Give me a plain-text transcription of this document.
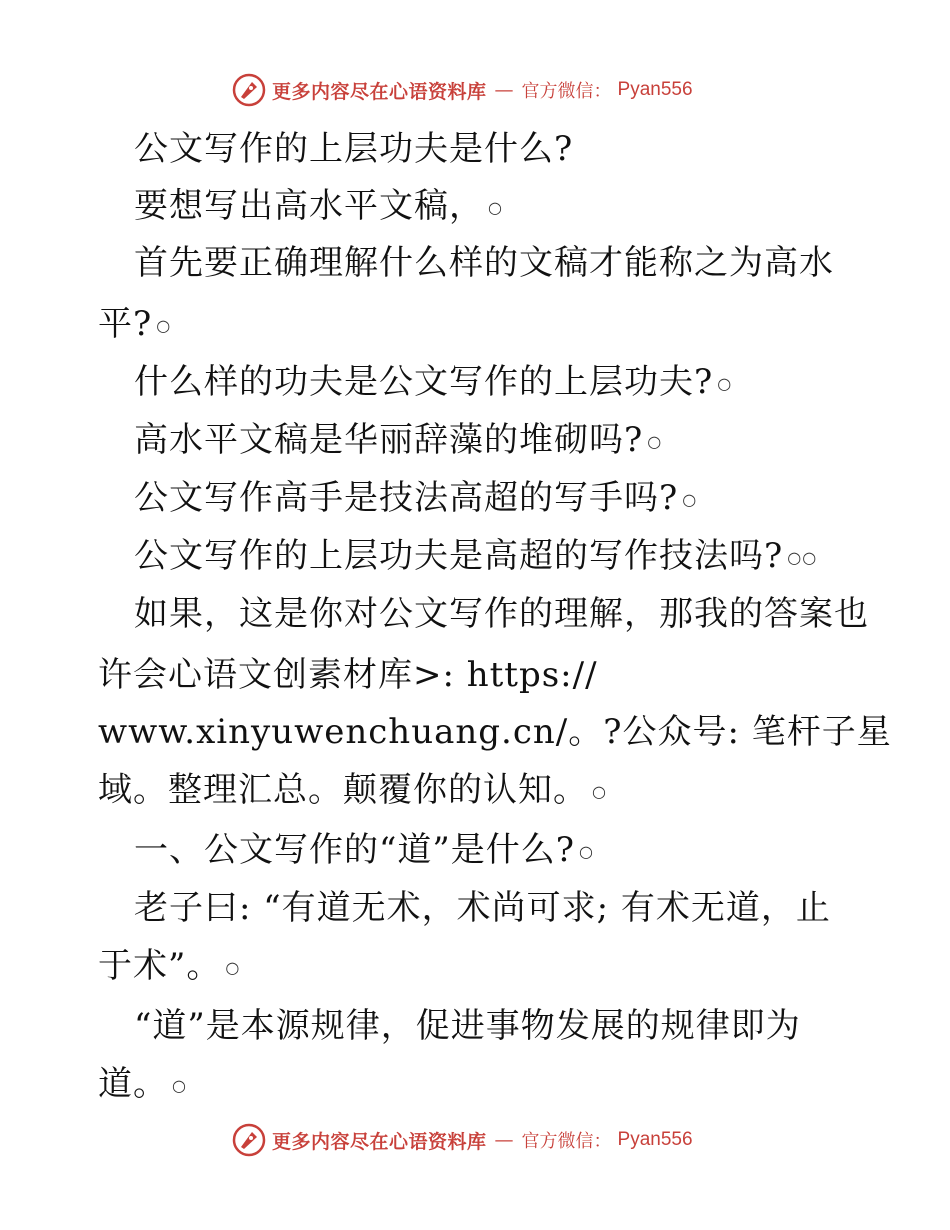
更多内容尽在心语资料库 — 官方微信： Pyan556
公文写作的上层功夫是什么?
要想写出高水平文稿， ○
首先要正确理解什么样的文稿才能称之为高水
平? ○
什么样的功夫是公文写作的上层功夫? ○
高水平文稿是华丽辞藻的堆砌吗? ○
公文写作高手是技法高超的写手吗? ○
公文写作的上层功夫是高超的写作技法吗? ○○
如果，这是你对公文写作的理解，那我的答案也
许会心语文创素材库>: https://
www.xinyuwenchuang.cn/。?公众号: 笔杆子星
域。整理汇总。颠覆你的认知。 ○
一、公文写作的“道”是什么? ○
老子曰: “有道无术，术尚可求; 有术无道，止
于术”。 ○
“道”是本源规律，促进事物发展的规律即为
道。 ○
更多内容尽在心语资料库 — 官方微信： Pyan556
